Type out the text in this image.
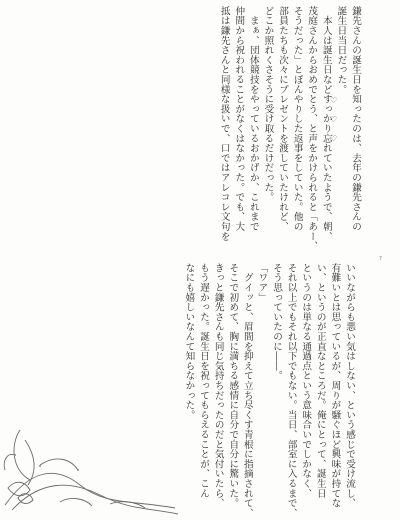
鎌先さんの誕生日を知ったのは、去年の鎌先さんの
誕生日当日だった。
　本人は誕生日などすっかり忘れていたようで、朝、
茂庭さんからおめでとう、と声をかけられると「あー、
そうだった」とぼんやりした返事をしていた。他の
部員たちも次々にプレゼントを渡していたけれど、
どこか照れくさそうに受け取るだけだった。
　まぁ、団体競技をやっているおかげか、これまで
仲間から祝われることがなくはなかった。でも、大
抵は鎌先さんと同様な扱いで、口ではアレコレ文句を	♡
♡
♡
7
いいながらも悪い気はしない、という感じで受け流し、
有難いとは思っているが、周りが騒ぐほど興味が持てな
い、というのが正直なところだ。俺にとって、誕生日
というのは単なる通過点という意味合いでしかなく、
それ以上でもそれ以下でもない。当日、部室に入るまで、
そう思っていたのに――。
「ワア」
　グイッと、眉間を抑えて立ち尽くす青根に指摘されて、
そこで初めて、胸に満ちる感情に自分で自分に驚いた。
きっと鎌先さんも同じ気持ちだったのだと気付いたら、
もう遅かった。誕生日を祝ってもらえることが、こん
なにも嬉しいなんて知らなかった。
